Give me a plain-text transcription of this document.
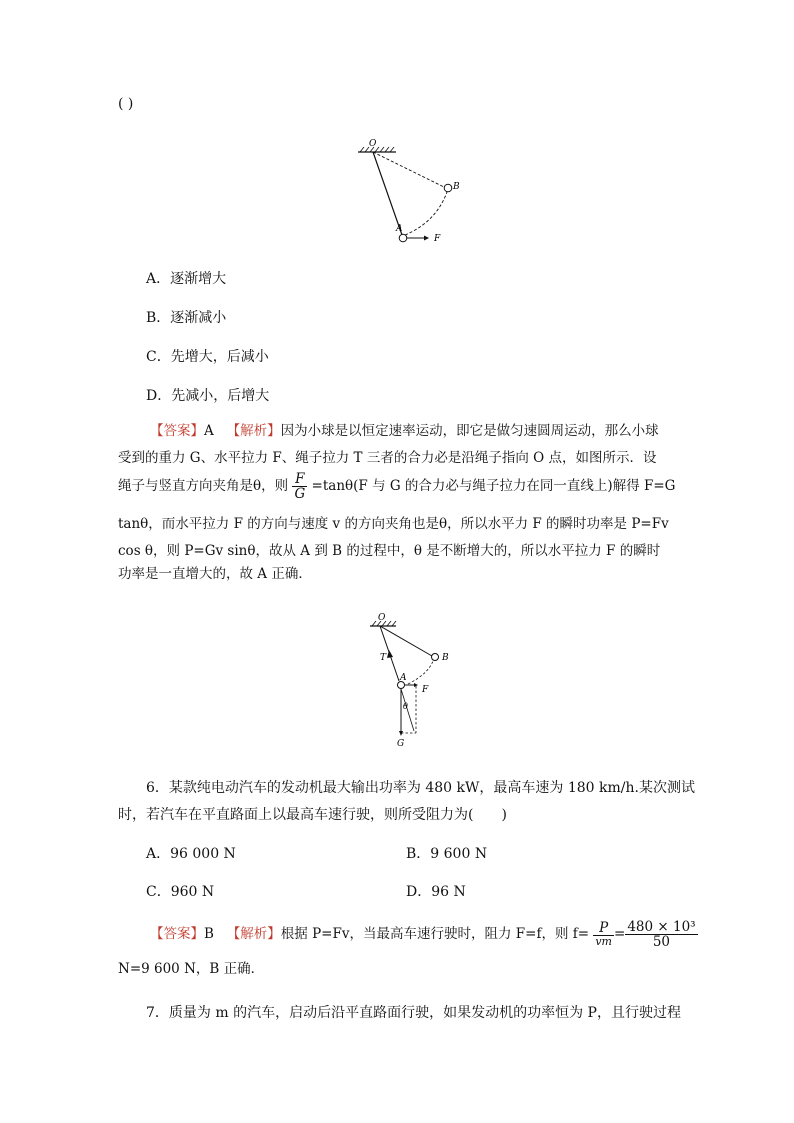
( )
O
B
A
F
A．逐渐增大
B．逐渐减小
C．先增大，后减小
D．先减小，后增大
【答案】A 【解析】因为小球是以恒定速率运动，即它是做匀速圆周运动，那么小球
受到的重力 G、水平拉力 F、绳子拉力 T 三者的合力必是沿绳子指向 O 点，如图所示．设
绳子与竖直方向夹角是θ，则 $\frac{F}{G} =\tan\theta(F$ 与 G 的合力必与绳子拉力在同一直线上)解得 F=G
tanθ，而水平拉力 F 的方向与速度 v 的方向夹角也是θ，所以水平力 F 的瞬时功率是 P=Fv
cos θ，则 P=Gv sinθ，故从 A 到 B 的过程中，θ 是不断增大的，所以水平拉力 F 的瞬时
功率是一直增大的，故 A 正确．
O
B
T
A
F
G
θ
6．某款纯电动汽车的发动机最大输出功率为 480 kW，最高车速为 180 km/h.某次测试
时，若汽车在平直路面上以最高车速行驶，则所受阻力为(　　)
A．96 000 N	B．9 600 N
C．960 N	D．96 N
【答案】B 【解析】根据 P=Fv，当最高车速行驶时，阻力 F=f，则 $f= \frac{P}{vm} = \frac{\text{480 × 10³}}{50}$
N=9 600 N，B 正确．
7．质量为 m 的汽车，启动后沿平直路面行驶，如果发动机的功率恒为 P，且行驶过程
